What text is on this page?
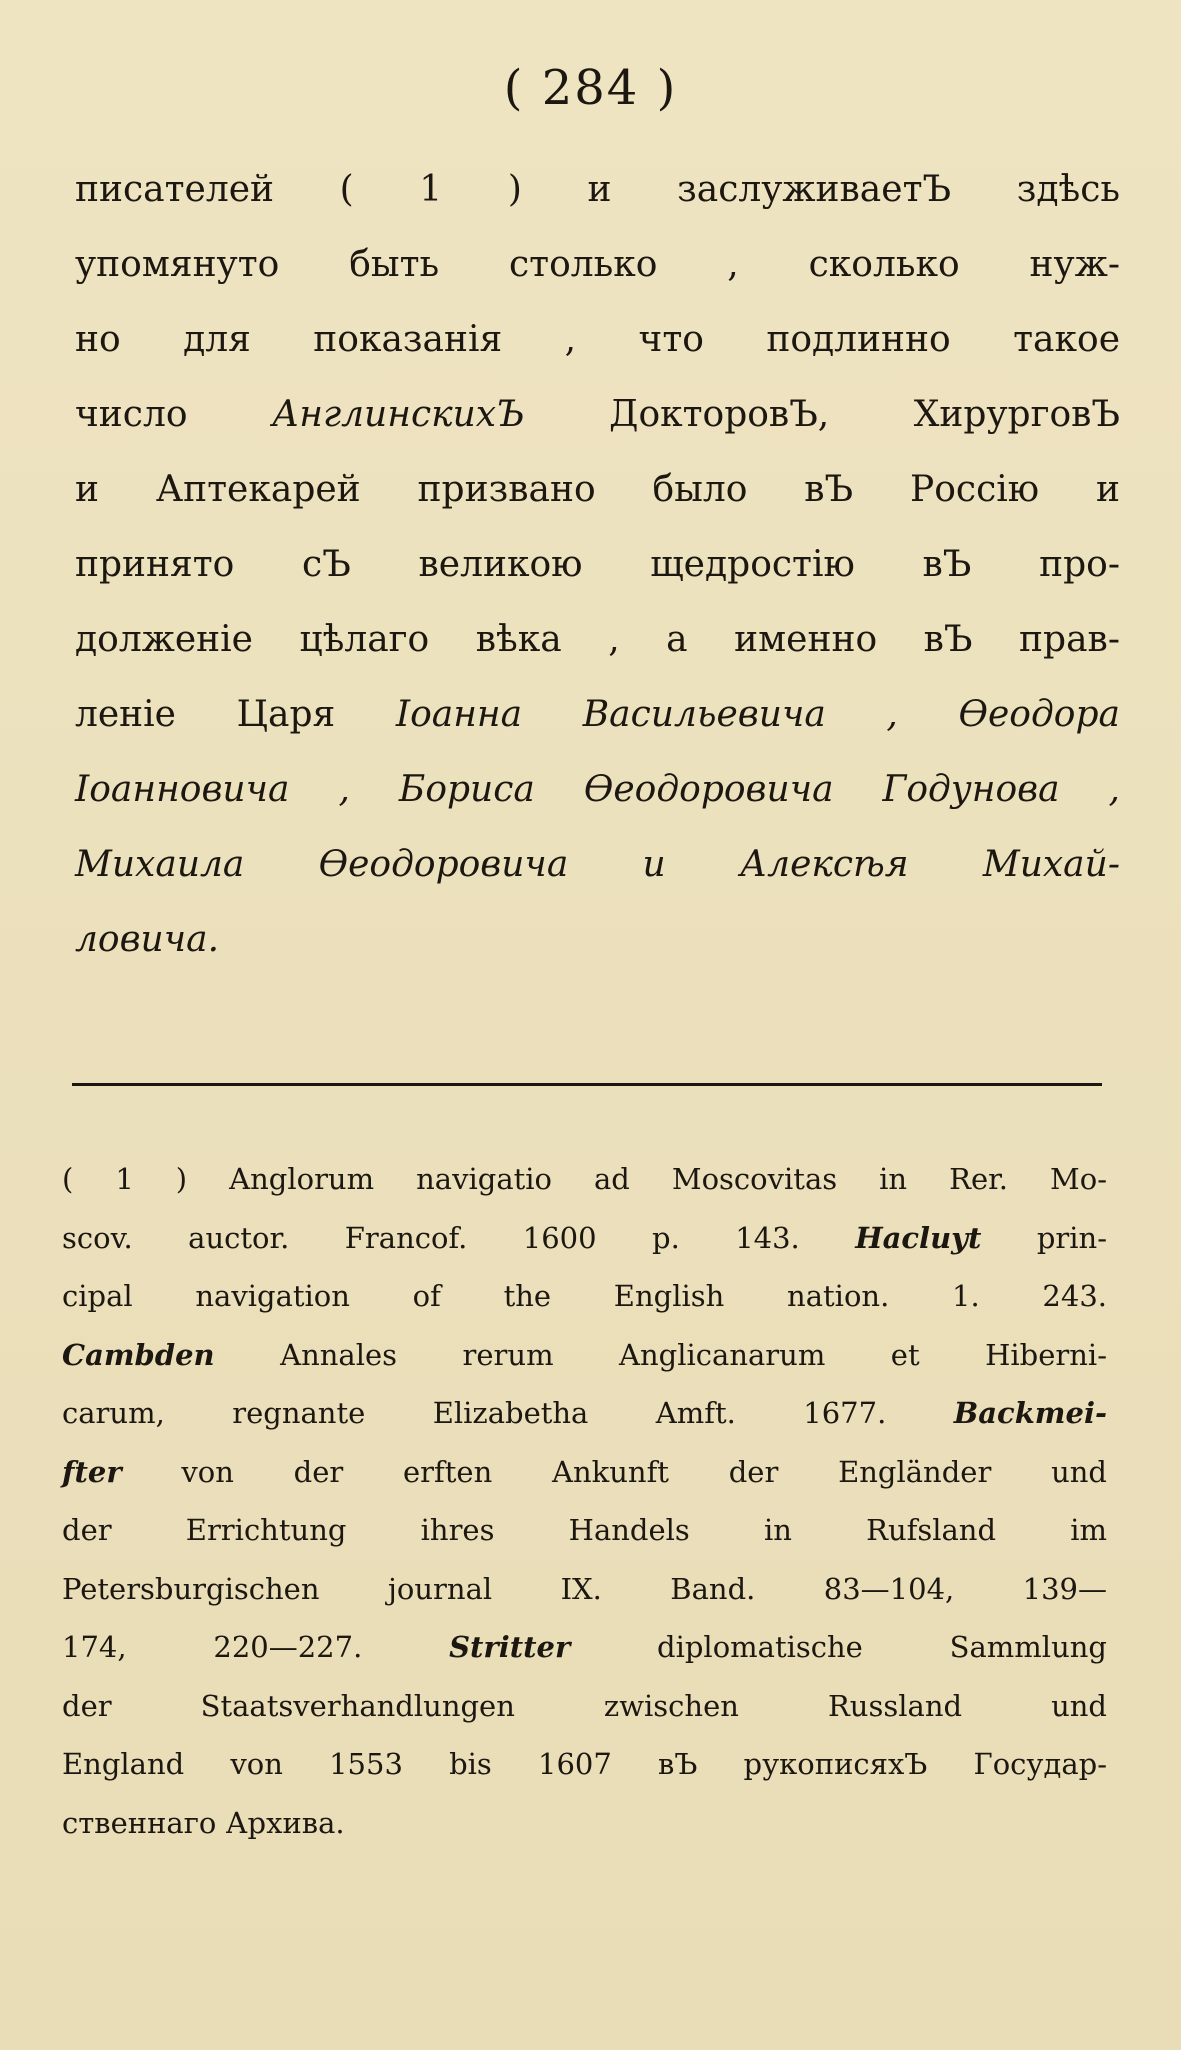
( 284 )
писателей ( 1 ) и заслуживаетЪ здѣсь
упомянуто быть столько , сколько нуж-
но для показанія , что подлинно такое
число АнглинскихЪ ДокторовЪ, ХирурговЪ
и Аптекарей призвано было вЪ Россію и
принято сЪ великою щедростію вЪ про-
долженіе цѣлаго вѣка , а именно вЪ прав-
леніе Царя Іоанна Васильевича , Ѳеодора
Іоанновича , Бориса Ѳеодоровича Годунова ,
Михаила Ѳеодоровича и Алексѣя Михай-
ловича.
( 1 ) Anglorum navigatio ad Moscovitas in Rer. Mo-
scov. auctor. Francof. 1600 p. 143. Hacluyt prin-
cipal navigation of the English nation. 1. 243.
Cambden Annales rerum Anglicanarum et Hiberni-
carum, regnante Elizabetha Amft. 1677. Backmei-
fter von der erften Ankunft der Engländer und
der Errichtung ihres Handels in Rufsland im
Petersburgischen journal IX. Band. 83—104, 139—
174, 220—227. Stritter diplomatische Sammlung
der Staatsverhandlungen zwischen Russland und
England von 1553 bis 1607 вЪ рукописяхЪ Государ-
ственнаго Архива.
